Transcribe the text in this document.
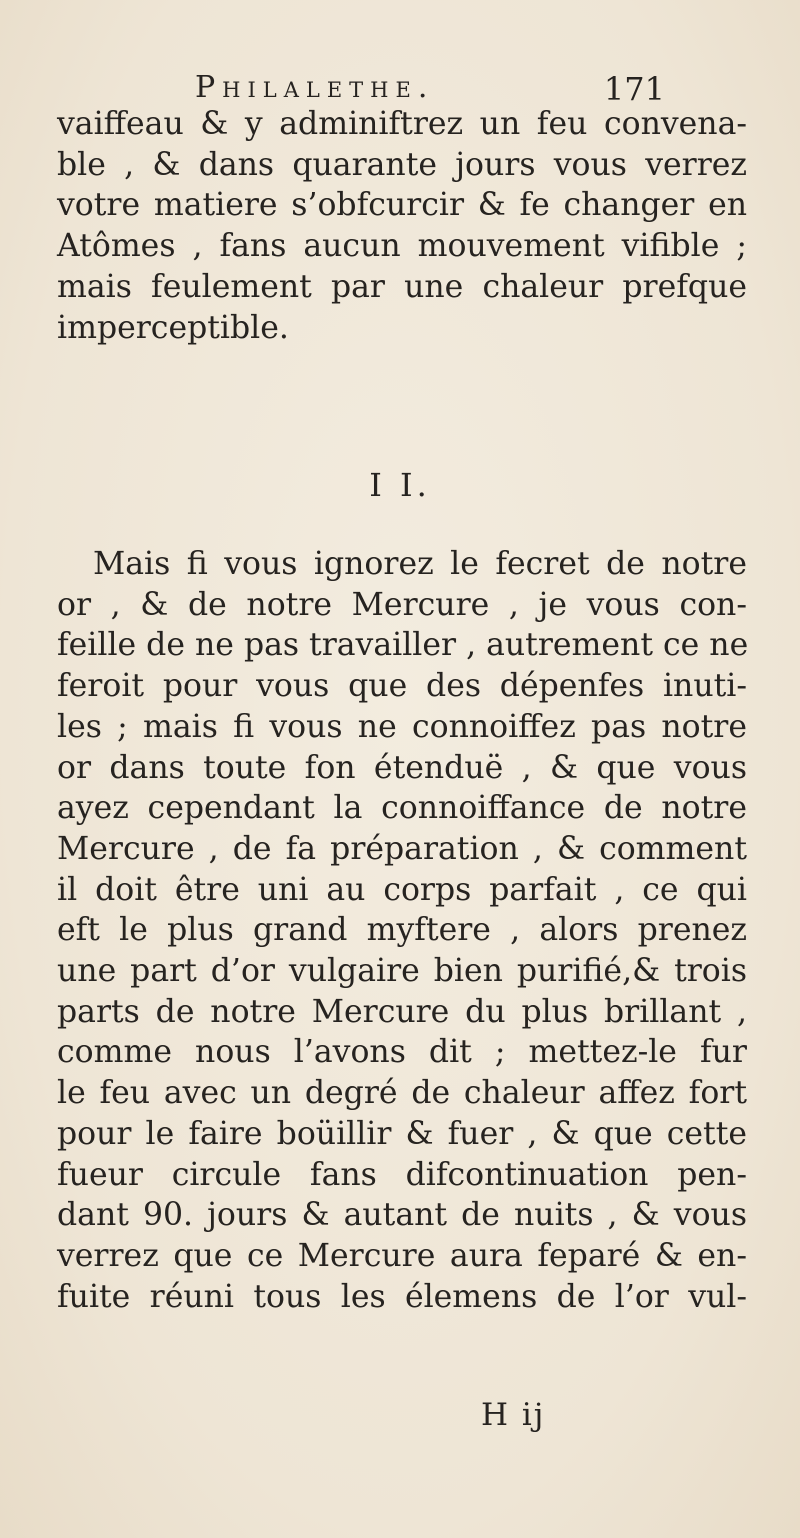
Philalethe.	171
vaiffeau & y adminiftrez un feu convena-
ble , & dans quarante jours vous verrez
votre matiere s’obfcurcir & fe changer en
Atômes , fans aucun mouvement vifible ;
mais feulement par une chaleur prefque
imperceptible.
I I.
Mais fi vous ignorez le fecret de notre
or , & de notre Mercure , je vous con-
feille de ne pas travailler , autrement ce ne
feroit pour vous que des dépenfes inuti-
les ; mais fi vous ne connoiffez pas notre
or dans toute fon étenduë , & que vous
ayez cependant la connoiffance de notre
Mercure , de fa préparation , & comment
il doit être uni au corps parfait , ce qui
eft le plus grand myftere , alors prenez
une part d’or vulgaire bien purifié,& trois
parts de notre Mercure du plus brillant ,
comme nous l’avons dit ; mettez-le fur
le feu avec un degré de chaleur affez fort
pour le faire boüillir & fuer , & que cette
fueur circule fans difcontinuation pen-
dant 90. jours & autant de nuits , & vous
verrez que ce Mercure aura feparé & en-
fuite réuni tous les élemens de l’or vul-
H ij
